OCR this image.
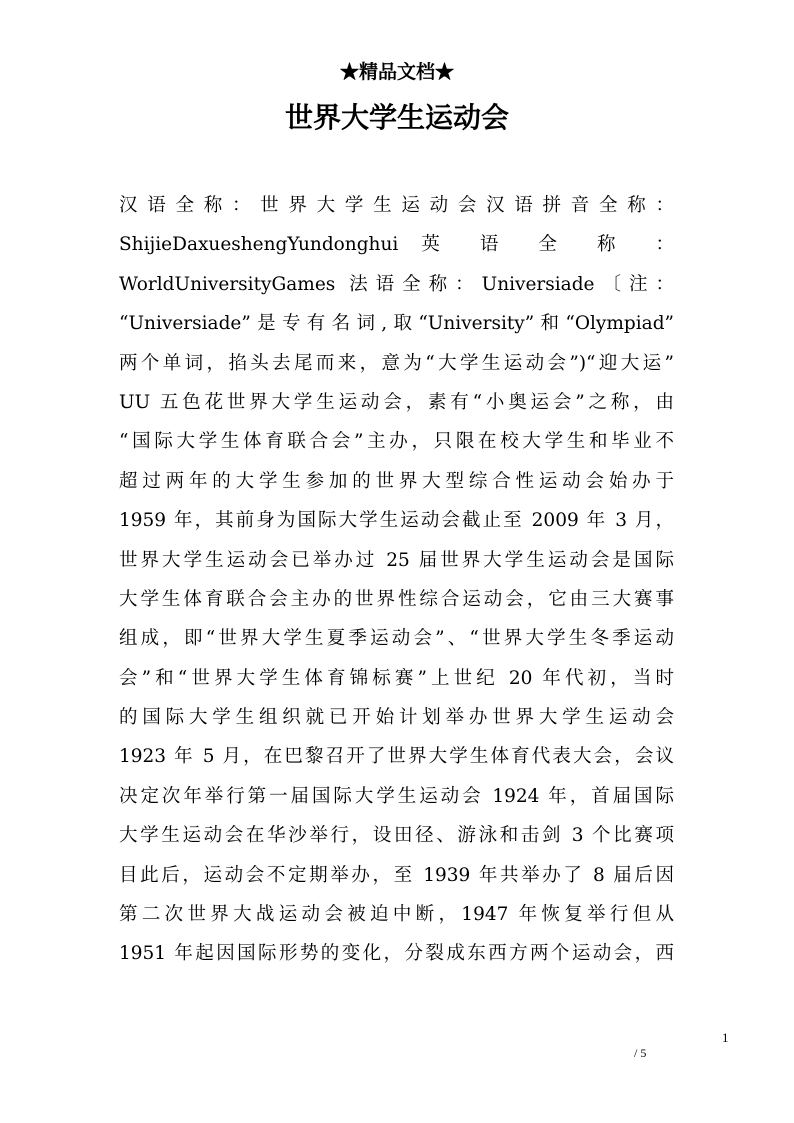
★精品文档★
世界大学生运动会
汉语全称：世界大学生运动会汉语拼音全称：
ShijieDaxueshengYundonghui 英 语 全 称 ：
WorldUniversityGames 法语全称：Universiade〔注：
“Universiade”是专有名词,取“University”和“Olympiad”
两个单词，掐头去尾而来，意为“大学生运动会”)“迎大运”
UU 五色花世界大学生运动会，素有“小奥运会”之称，由
“国际大学生体育联合会”主办，只限在校大学生和毕业不
超过两年的大学生参加的世界大型综合性运动会始办于
1959 年，其前身为国际大学生运动会截止至 2009 年 3 月，
世界大学生运动会已举办过 25 届世界大学生运动会是国际
大学生体育联合会主办的世界性综合运动会，它由三大赛事
组成，即“世界大学生夏季运动会”、“世界大学生冬季运动
会”和“世界大学生体育锦标赛”上世纪 20 年代初，当时
的国际大学生组织就已开始计划举办世界大学生运动会
1923 年 5 月，在巴黎召开了世界大学生体育代表大会，会议
决定次年举行第一届国际大学生运动会 1924 年，首届国际
大学生运动会在华沙举行，设田径、游泳和击剑 3 个比赛项
目此后，运动会不定期举办，至 1939 年共举办了 8 届后因
第二次世界大战运动会被迫中断，1947 年恢复举行但从
1951 年起因国际形势的变化，分裂成东西方两个运动会，西
1
/ 5
